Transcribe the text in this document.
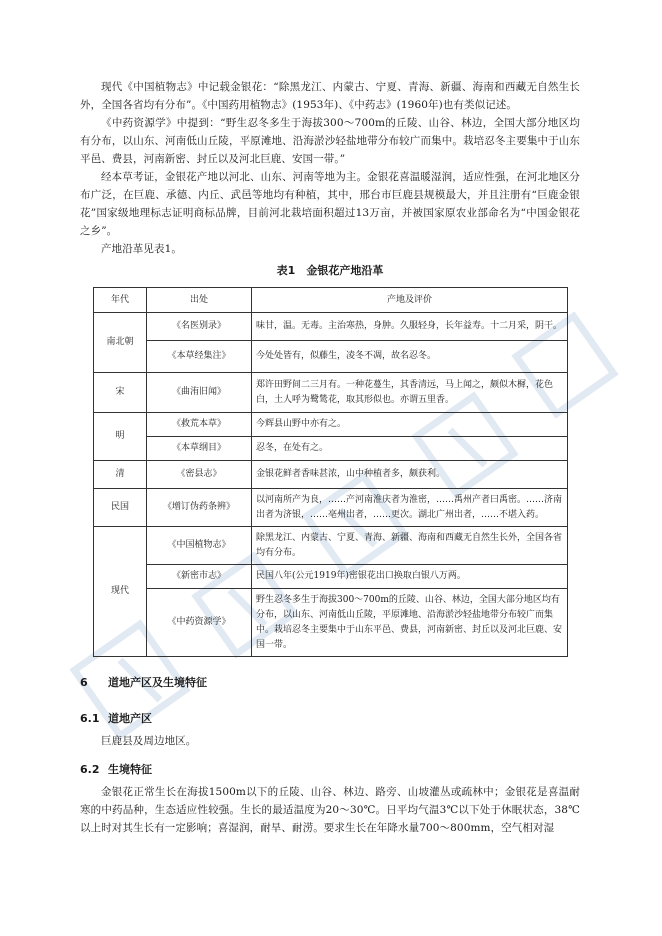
现代《中国植物志》中记载金银花：“除黑龙江、内蒙古、宁夏、青海、新疆、海南和西藏无自然生长外，全国各省均有分布”。《中国药用植物志》(1953年)、《中药志》(1960年)也有类似记述。

《中药资源学》中提到：“野生忍冬多生于海拔300～700m的丘陵、山谷、林边，全国大部分地区均有分布，以山东、河南低山丘陵，平原滩地、沿海淤沙轻盐地带分布较广而集中。栽培忍冬主要集中于山东平邑、费县，河南新密、封丘以及河北巨鹿、安国一带。”

经本草考证，金银花产地以河北、山东、河南等地为主。金银花喜温暖湿润，适应性强，在河北地区分布广泛，在巨鹿、承德、内丘、武邑等地均有种植，其中，邢台市巨鹿县规模最大，并且注册有“巨鹿金银花”国家级地理标志证明商标品牌，目前河北栽培面积超过13万亩，并被国家原农业部命名为“中国金银花之乡”。

产地沿革见表1。

表1　金银花产地沿革
年代	出处	产地及评价
南北朝	《名医别录》	味甘，温。无毒。主治寒热，身肿。久服轻身，长年益寿。十二月采，阴干。
	《本草经集注》	今处处皆有，似藤生，凌冬不凋，故名忍冬。
宋	《曲洧旧闻》	郑许田野间二三月有。一种花蔓生，其香清远，马上闻之，颇似木樨，花色白，土人呼为鹭鸶花，取其形似也。亦谓五里香。
明	《救荒本草》	今辉县山野中亦有之。
	《本草纲目》	忍冬，在处有之。
清	《密县志》	金银花鲜者香味甚浓，山中种植者多，颇获利。
民国	《增订伪药条辨》	以河南所产为良，……产河南淮庆者为淮密，……禹州产者曰禹密。……济南出者为济银，……亳州出者，……更次。湖北广州出者，……不堪入药。
现代	《中国植物志》	除黑龙江、内蒙古、宁夏、青海、新疆、海南和西藏无自然生长外，全国各省均有分布。
	《新密市志》	民国八年(公元1919年)密银花出口换取白银八万两。
	《中药资源学》	野生忍冬多生于海拔300～700m的丘陵、山谷、林边，全国大部分地区均有分布，以山东、河南低山丘陵，平原滩地、沿海淤沙轻盐地带分布较广而集中。栽培忍冬主要集中于山东平邑、费县，河南新密、封丘以及河北巨鹿、安国一带。
6 道地产区及生境特征
6.1 道地产区

巨鹿县及周边地区。

6.2 生境特征

金银花正常生长在海拔1500m以下的丘陵、山谷、林边、路旁、山坡灌丛或疏林中；金银花是喜温耐寒的中药品种，生态适应性较强。生长的最适温度为20～30℃。日平均气温3℃以下处于休眠状态，38℃以上时对其生长有一定影响；喜湿润，耐旱、耐涝。要求生长在年降水量700～800mm，空气相对湿
